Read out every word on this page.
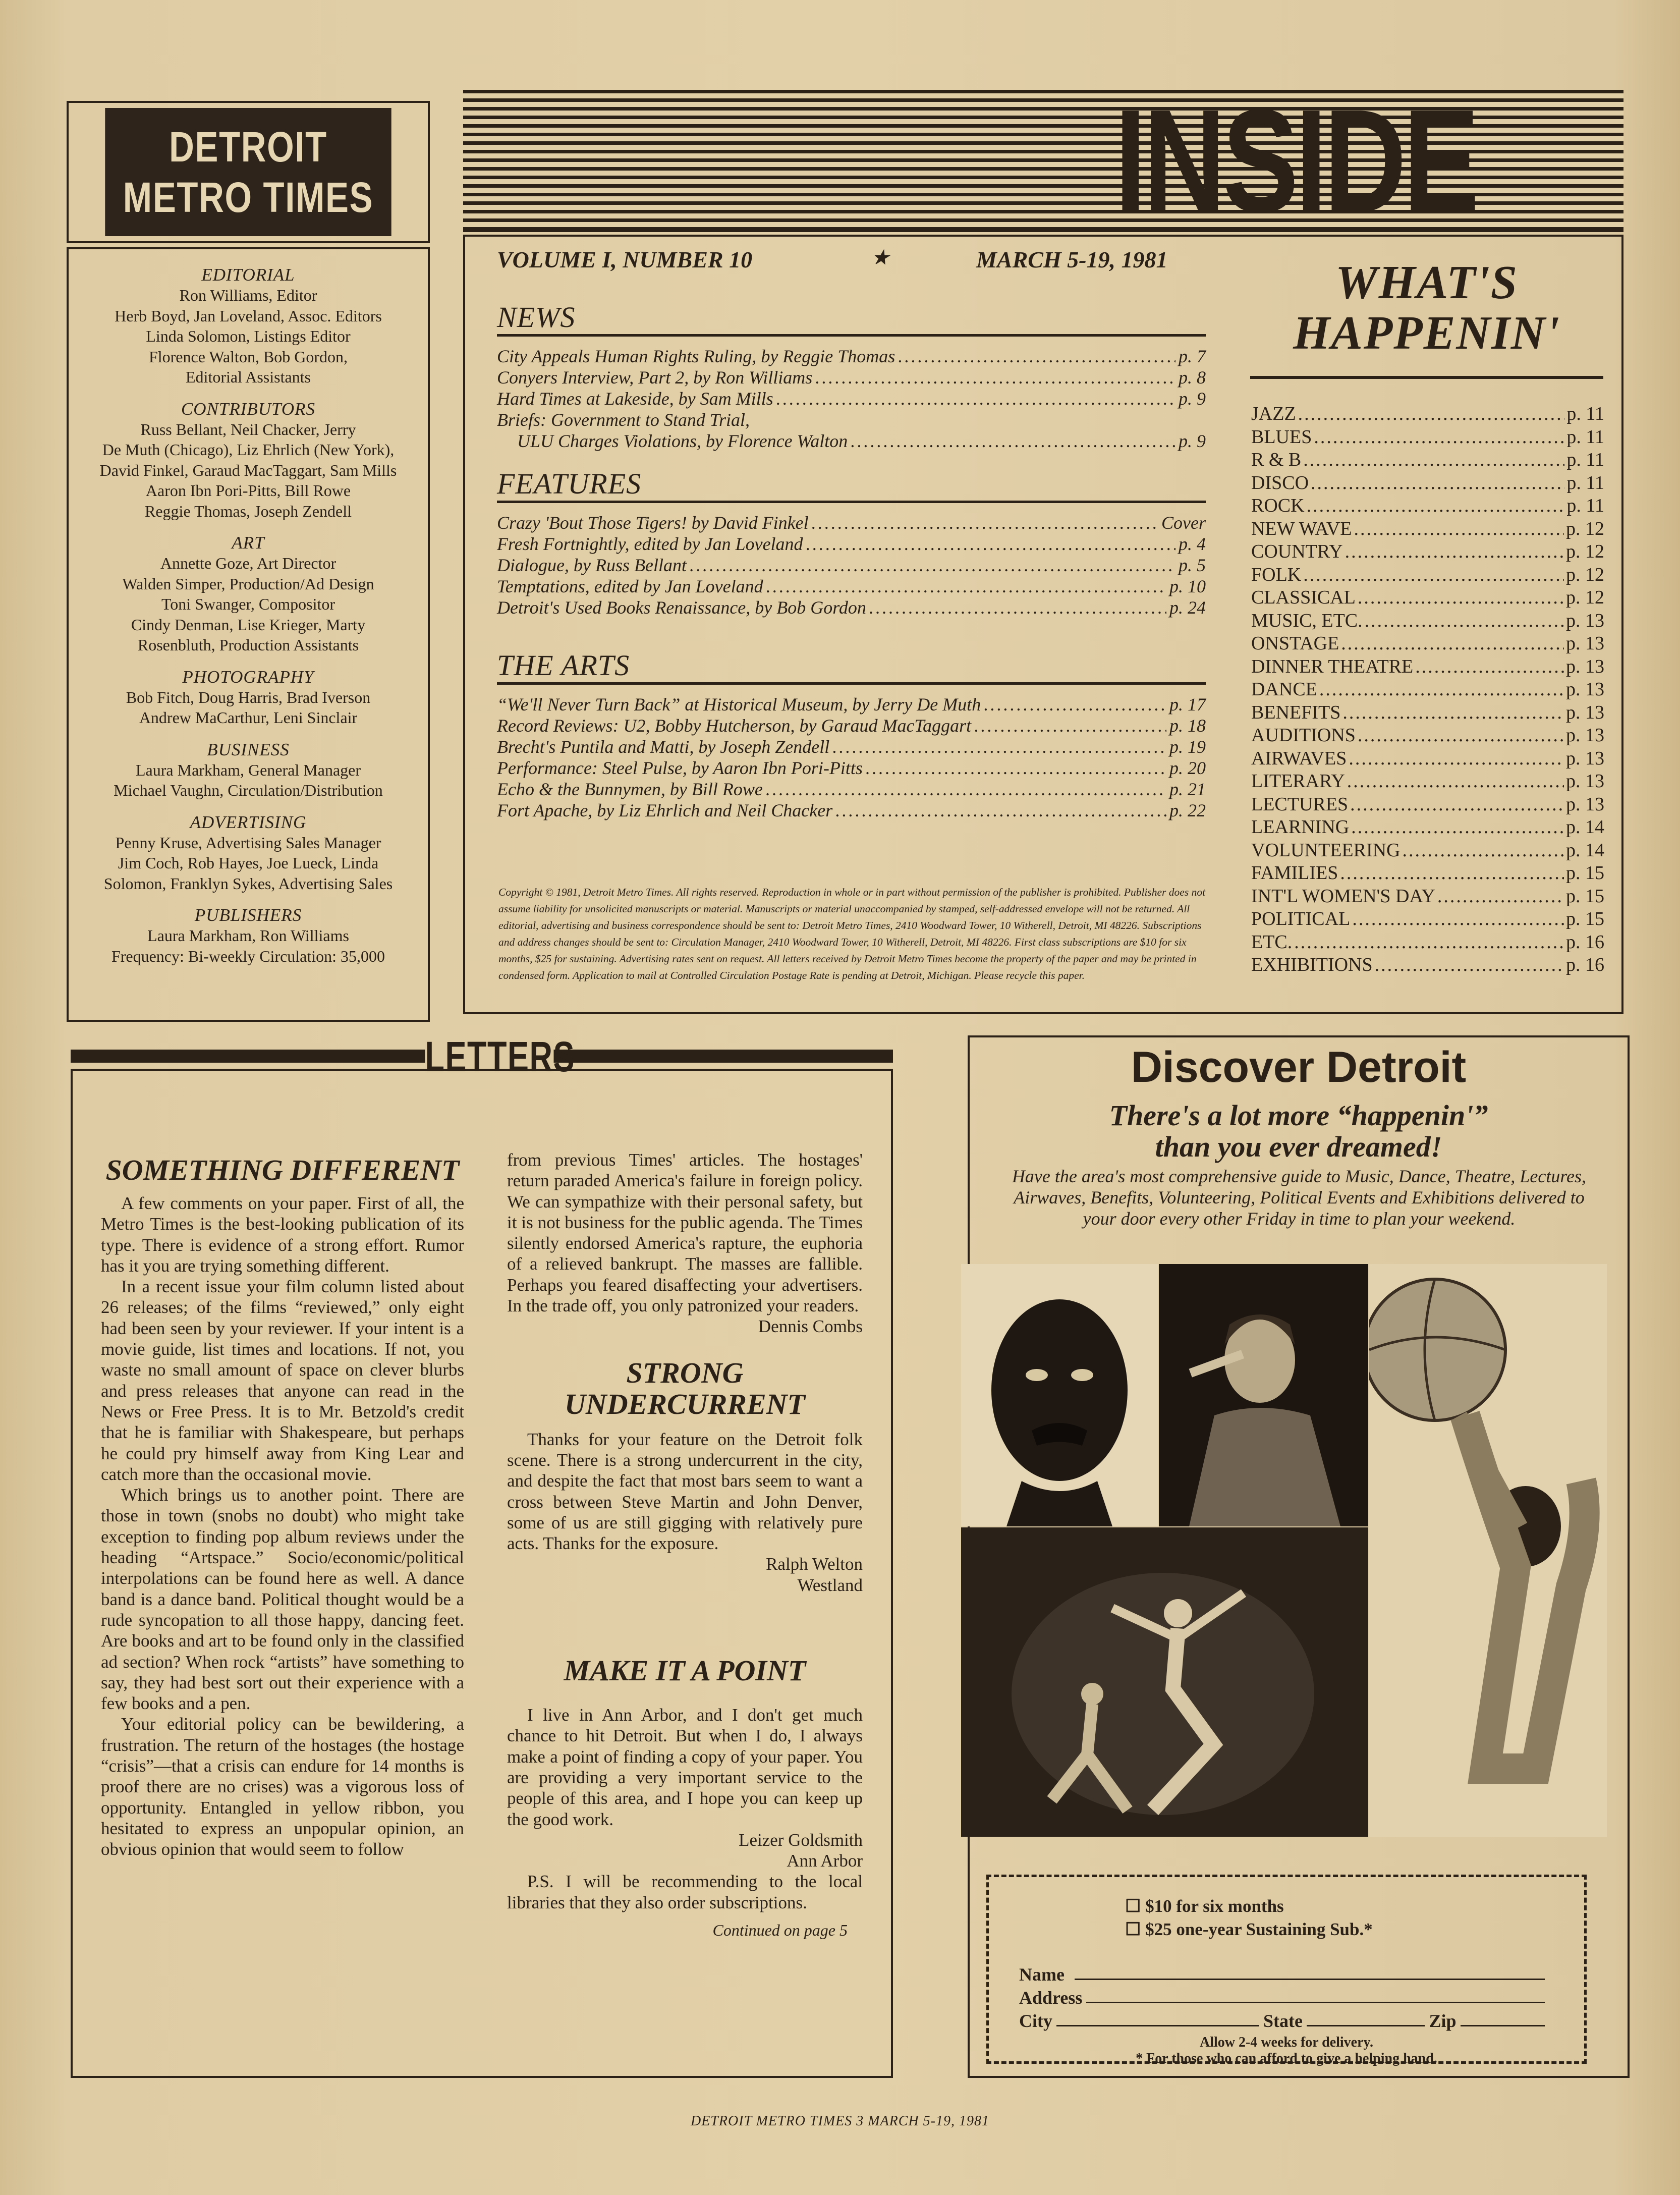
DETROIT
METRO TIMES
EDITORIAL
Ron Williams, Editor
Herb Boyd, Jan Loveland, Assoc. Editors
Linda Solomon, Listings Editor
Florence Walton, Bob Gordon,
Editorial Assistants
CONTRIBUTORS
Russ Bellant, Neil Chacker, Jerry
De Muth (Chicago), Liz Ehrlich (New York),
David Finkel, Garaud MacTaggart, Sam Mills
Aaron Ibn Pori-Pitts, Bill Rowe
Reggie Thomas, Joseph Zendell
ART
Annette Goze, Art Director
Walden Simper, Production/Ad Design
Toni Swanger, Compositor
Cindy Denman, Lise Krieger, Marty
Rosenbluth, Production Assistants
PHOTOGRAPHY
Bob Fitch, Doug Harris, Brad Iverson
Andrew MaCarthur, Leni Sinclair
BUSINESS
Laura Markham, General Manager
Michael Vaughn, Circulation/Distribution
ADVERTISING
Penny Kruse, Advertising Sales Manager
Jim Coch, Rob Hayes, Joe Lueck, Linda
Solomon, Franklyn Sykes, Advertising Sales
PUBLISHERS
Laura Markham, Ron Williams
Frequency: Bi-weekly Circulation: 35,000
INSIDE
VOLUME I, NUMBER 10	★	MARCH 5-19, 1981
NEWS
City Appeals Human Rights Ruling, by Reggie Thomas .....	p. 7
Conyers Interview, Part 2, by Ron Williams .....	p. 8
Hard Times at Lakeside, by Sam Mills .....	p. 9
Briefs: Government to Stand Trial,
ULU Charges Violations, by Florence Walton .....	p. 9
FEATURES
Crazy 'Bout Those Tigers! by David Finkel .....	Cover
Fresh Fortnightly, edited by Jan Loveland .....	p. 4
Dialogue, by Russ Bellant .....	p. 5
Temptations, edited by Jan Loveland .....	p. 10
Detroit's Used Books Renaissance, by Bob Gordon .....	p. 24
THE ARTS
“We'll Never Turn Back” at Historical Museum, by Jerry De Muth .....	p. 17
Record Reviews: U2, Bobby Hutcherson, by Garaud MacTaggart .....	p. 18
Brecht's Puntila and Matti, by Joseph Zendell .....	p. 19
Performance: Steel Pulse, by Aaron Ibn Pori-Pitts .....	p. 20
Echo & the Bunnymen, by Bill Rowe .....	p. 21
Fort Apache, by Liz Ehrlich and Neil Chacker .....	p. 22
Copyright © 1981, Detroit Metro Times. All rights reserved. Reproduction in whole or in part without permission of the publisher is prohibited. Publisher does not assume liability for unsolicited manuscripts or material. Manuscripts or material unaccompanied by stamped, self-addressed envelope will not be returned. All editorial, advertising and business correspondence should be sent to: Detroit Metro Times, 2410 Woodward Tower, 10 Witherell, Detroit, MI 48226. Subscriptions and address changes should be sent to: Circulation Manager, 2410 Woodward Tower, 10 Witherell, Detroit, MI 48226. First class subscriptions are $10 for six months, $25 for sustaining. Advertising rates sent on request. All letters received by Detroit Metro Times become the property of the paper and may be printed in condensed form. Application to mail at Controlled Circulation Postage Rate is pending at Detroit, Michigan. Please recycle this paper.
WHAT'S
HAPPENIN'
JAZZ .....	p. 11
BLUES .....	p. 11
R & B .....	p. 11
DISCO .....	p. 11
ROCK .....	p. 11
NEW WAVE .....	p. 12
COUNTRY .....	p. 12
FOLK .....	p. 12
CLASSICAL .....	p. 12
MUSIC, ETC. .....	p. 13
ONSTAGE .....	p. 13
DINNER THEATRE .....	p. 13
DANCE .....	p. 13
BENEFITS .....	p. 13
AUDITIONS .....	p. 13
AIRWAVES .....	p. 13
LITERARY .....	p. 13
LECTURES .....	p. 13
LEARNING .....	p. 14
VOLUNTEERING .....	p. 14
FAMILIES .....	p. 15
INT'L WOMEN'S DAY .....	p. 15
POLITICAL .....	p. 15
ETC. .....	p. 16
EXHIBITIONS .....	p. 16
LETTERS
SOMETHING DIFFERENT

A few comments on your paper. First of all, the Metro Times is the best-looking publication of its type. There is evidence of a strong effort. Rumor has it you are trying something different.

In a recent issue your film column listed about 26 releases; of the films “reviewed,” only eight had been seen by your reviewer. If your intent is a movie guide, list times and locations. If not, you waste no small amount of space on clever blurbs and press releases that anyone can read in the News or Free Press. It is to Mr. Betzold's credit that he is familiar with Shakespeare, but perhaps he could pry himself away from King Lear and catch more than the occasional movie.

Which brings us to another point. There are those in town (snobs no doubt) who might take exception to finding pop album reviews under the heading “Artspace.” Socio/economic/political interpolations can be found here as well. A dance band is a dance band. Political thought would be a rude syncopation to all those happy, dancing feet. Are books and art to be found only in the classified ad section? When rock “artists” have something to say, they had best sort out their experience with a few books and a pen.

Your editorial policy can be bewildering, a frustration. The return of the hostages (the hostage “crisis”—that a crisis can endure for 14 months is proof there are no crises) was a vigorous loss of opportunity. Entangled in yellow ribbon, you hesitated to express an unpopular opinion, an obvious opinion that would seem to follow

from previous Times' articles. The hostages' return paraded America's failure in foreign policy. We can sympathize with their personal safety, but it is not business for the public agenda. The Times silently endorsed America's rapture, the euphoria of a relieved bankrupt. The masses are fallible. Perhaps you feared disaffecting your advertisers. In the trade off, you only patronized your readers.
Dennis Combs
STRONG
UNDERCURRENT
Thanks for your feature on the Detroit folk scene. There is a strong undercurrent in the city, and despite the fact that most bars seem to want a cross between Steve Martin and John Denver, some of us are still gigging with relatively pure acts. Thanks for the exposure.
Ralph Welton
Westland
MAKE IT A POINT
I live in Ann Arbor, and I don't get much chance to hit Detroit. But when I do, I always make a point of finding a copy of your paper. You are providing a very important service to the people of this area, and I hope you can keep up the good work.
Leizer Goldsmith
Ann Arbor
P.S. I will be recommending to the local libraries that they also order subscriptions.
Continued on page 5
Discover Detroit
There's a lot more “happenin'”
than you ever dreamed!
Have the area's most comprehensive guide to Music, Dance, Theatre, Lectures, Airwaves, Benefits, Volunteering, Political Events and Exhibitions delivered to your door every other Friday in time to plan your weekend.
☐ $10 for six months
☐ $25 one-year Sustaining Sub.*
Name
Address
City	State	Zip
Allow 2-4 weeks for delivery.
* For those who can afford to give a helping hand.
DETROIT METRO TIMES 3 MARCH 5-19, 1981
